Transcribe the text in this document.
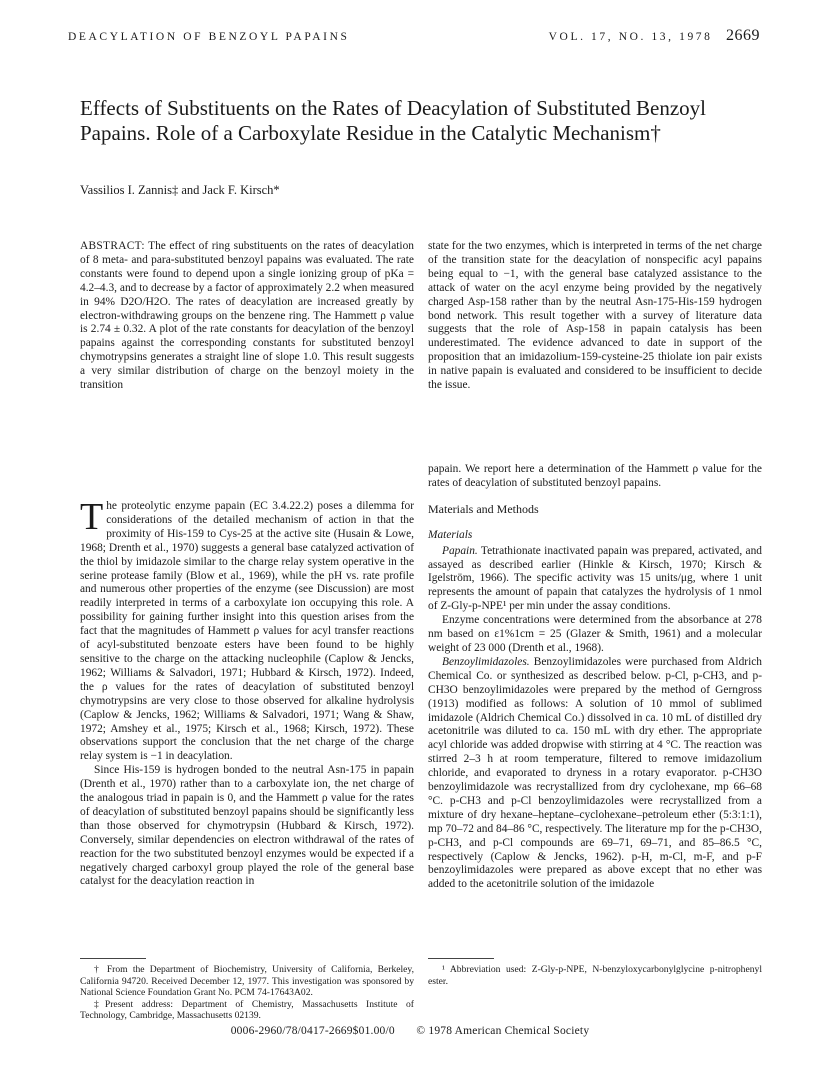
DEACYLATION OF BENZOYL PAPAINS	VOL. 17, NO. 13, 1978 2669
Effects of Substituents on the Rates of Deacylation of Substituted Benzoyl Papains. Role of a Carboxylate Residue in the Catalytic Mechanism†
Vassilios I. Zannis‡ and Jack F. Kirsch*

ABSTRACT: The effect of ring substituents on the rates of deacylation of 8 meta- and para-substituted benzoyl papains was evaluated. The rate constants were found to depend upon a single ionizing group of pKa = 4.2–4.3, and to decrease by a factor of approximately 2.2 when measured in 94% D2O/H2O. The rates of deacylation are increased greatly by electron-withdrawing groups on the benzene ring. The Hammett ρ value is 2.74 ± 0.32. A plot of the rate constants for deacylation of the benzoyl papains against the corresponding constants for substituted benzoyl chymotrypsins generates a straight line of slope 1.0. This result suggests a very similar distribution of charge on the benzoyl moiety in the transition

state for the two enzymes, which is interpreted in terms of the net charge of the transition state for the deacylation of nonspecific acyl papains being equal to −1, with the general base catalyzed assistance to the attack of water on the acyl enzyme being provided by the negatively charged Asp-158 rather than by the neutral Asn-175-His-159 hydrogen bond network. This result together with a survey of literature data suggests that the role of Asp-158 in papain catalysis has been underestimated. The evidence advanced to date in support of the proposition that an imidazolium-159-cysteine-25 thiolate ion pair exists in native papain is evaluated and considered to be insufficient to decide the issue.

The proteolytic enzyme papain (EC 3.4.22.2) poses a dilemma for considerations of the detailed mechanism of action in that the proximity of His-159 to Cys-25 at the active site (Husain & Lowe, 1968; Drenth et al., 1970) suggests a general base catalyzed activation of the thiol by imidazole similar to the charge relay system operative in the serine protease family (Blow et al., 1969), while the pH vs. rate profile and numerous other properties of the enzyme (see Discussion) are most readily interpreted in terms of a carboxylate ion occupying this role. A possibility for gaining further insight into this question arises from the fact that the magnitudes of Hammett ρ values for acyl transfer reactions of acyl-substituted benzoate esters have been found to be highly sensitive to the charge on the attacking nucleophile (Caplow & Jencks, 1962; Williams & Salvadori, 1971; Hubbard & Kirsch, 1972). Indeed, the ρ values for the rates of deacylation of substituted benzoyl chymotrypsins are very close to those observed for alkaline hydrolysis (Caplow & Jencks, 1962; Williams & Salvadori, 1971; Wang & Shaw, 1972; Amshey et al., 1975; Kirsch et al., 1968; Kirsch, 1972). These observations support the conclusion that the net charge of the charge relay system is −1 in deacylation.

Since His-159 is hydrogen bonded to the neutral Asn-175 in papain (Drenth et al., 1970) rather than to a carboxylate ion, the net charge of the analogous triad in papain is 0, and the Hammett ρ value for the rates of deacylation of substituted benzoyl papains should be significantly less than those observed for chymotrypsin (Hubbard & Kirsch, 1972). Conversely, similar dependencies on electron withdrawal of the rates of reaction for the two substituted benzoyl enzymes would be expected if a negatively charged carboxyl group played the role of the general base catalyst for the deacylation reaction in

papain. We report here a determination of the Hammett ρ value for the rates of deacylation of substituted benzoyl papains.

Materials and Methods
Materials

Papain. Tetrathionate inactivated papain was prepared, activated, and assayed as described earlier (Hinkle & Kirsch, 1970; Kirsch & Igelström, 1966). The specific activity was 15 units/μg, where 1 unit represents the amount of papain that catalyzes the hydrolysis of 1 nmol of Z-Gly-p-NPE¹ per min under the assay conditions.

Enzyme concentrations were determined from the absorbance at 278 nm based on ε1%1cm = 25 (Glazer & Smith, 1961) and a molecular weight of 23 000 (Drenth et al., 1968).

Benzoylimidazoles. Benzoylimidazoles were purchased from Aldrich Chemical Co. or synthesized as described below. p-Cl, p-CH3, and p-CH3O benzoylimidazoles were prepared by the method of Gerngross (1913) modified as follows: A solution of 10 mmol of sublimed imidazole (Aldrich Chemical Co.) dissolved in ca. 10 mL of distilled dry acetonitrile was diluted to ca. 150 mL with dry ether. The appropriate acyl chloride was added dropwise with stirring at 4 °C. The reaction was stirred 2–3 h at room temperature, filtered to remove imidazolium chloride, and evaporated to dryness in a rotary evaporator. p-CH3O benzoylimidazole was recrystallized from dry cyclohexane, mp 66–68 °C. p-CH3 and p-Cl benzoylimidazoles were recrystallized from a mixture of dry hexane–heptane–cyclohexane–petroleum ether (5:3:1:1), mp 70–72 and 84–86 °C, respectively. The literature mp for the p-CH3O, p-CH3, and p-Cl compounds are 69–71, 69–71, and 85–86.5 °C, respectively (Caplow & Jencks, 1962). p-H, m-Cl, m-F, and p-F benzoylimidazoles were prepared as above except that no ether was added to the acetonitrile solution of the imidazole

† From the Department of Biochemistry, University of California, Berkeley, California 94720. Received December 12, 1977. This investigation was sponsored by National Science Foundation Grant No. PCM 74-17643A02.
‡Present address: Department of Chemistry, Massachusetts Institute of Technology, Cambridge, Massachusetts 02139.
¹ Abbreviation used: Z-Gly-p-NPE, N-benzyloxycarbonylglycine p-nitrophenyl ester.
0006-2960/78/0417-2669$01.00/0 © 1978 American Chemical Society
